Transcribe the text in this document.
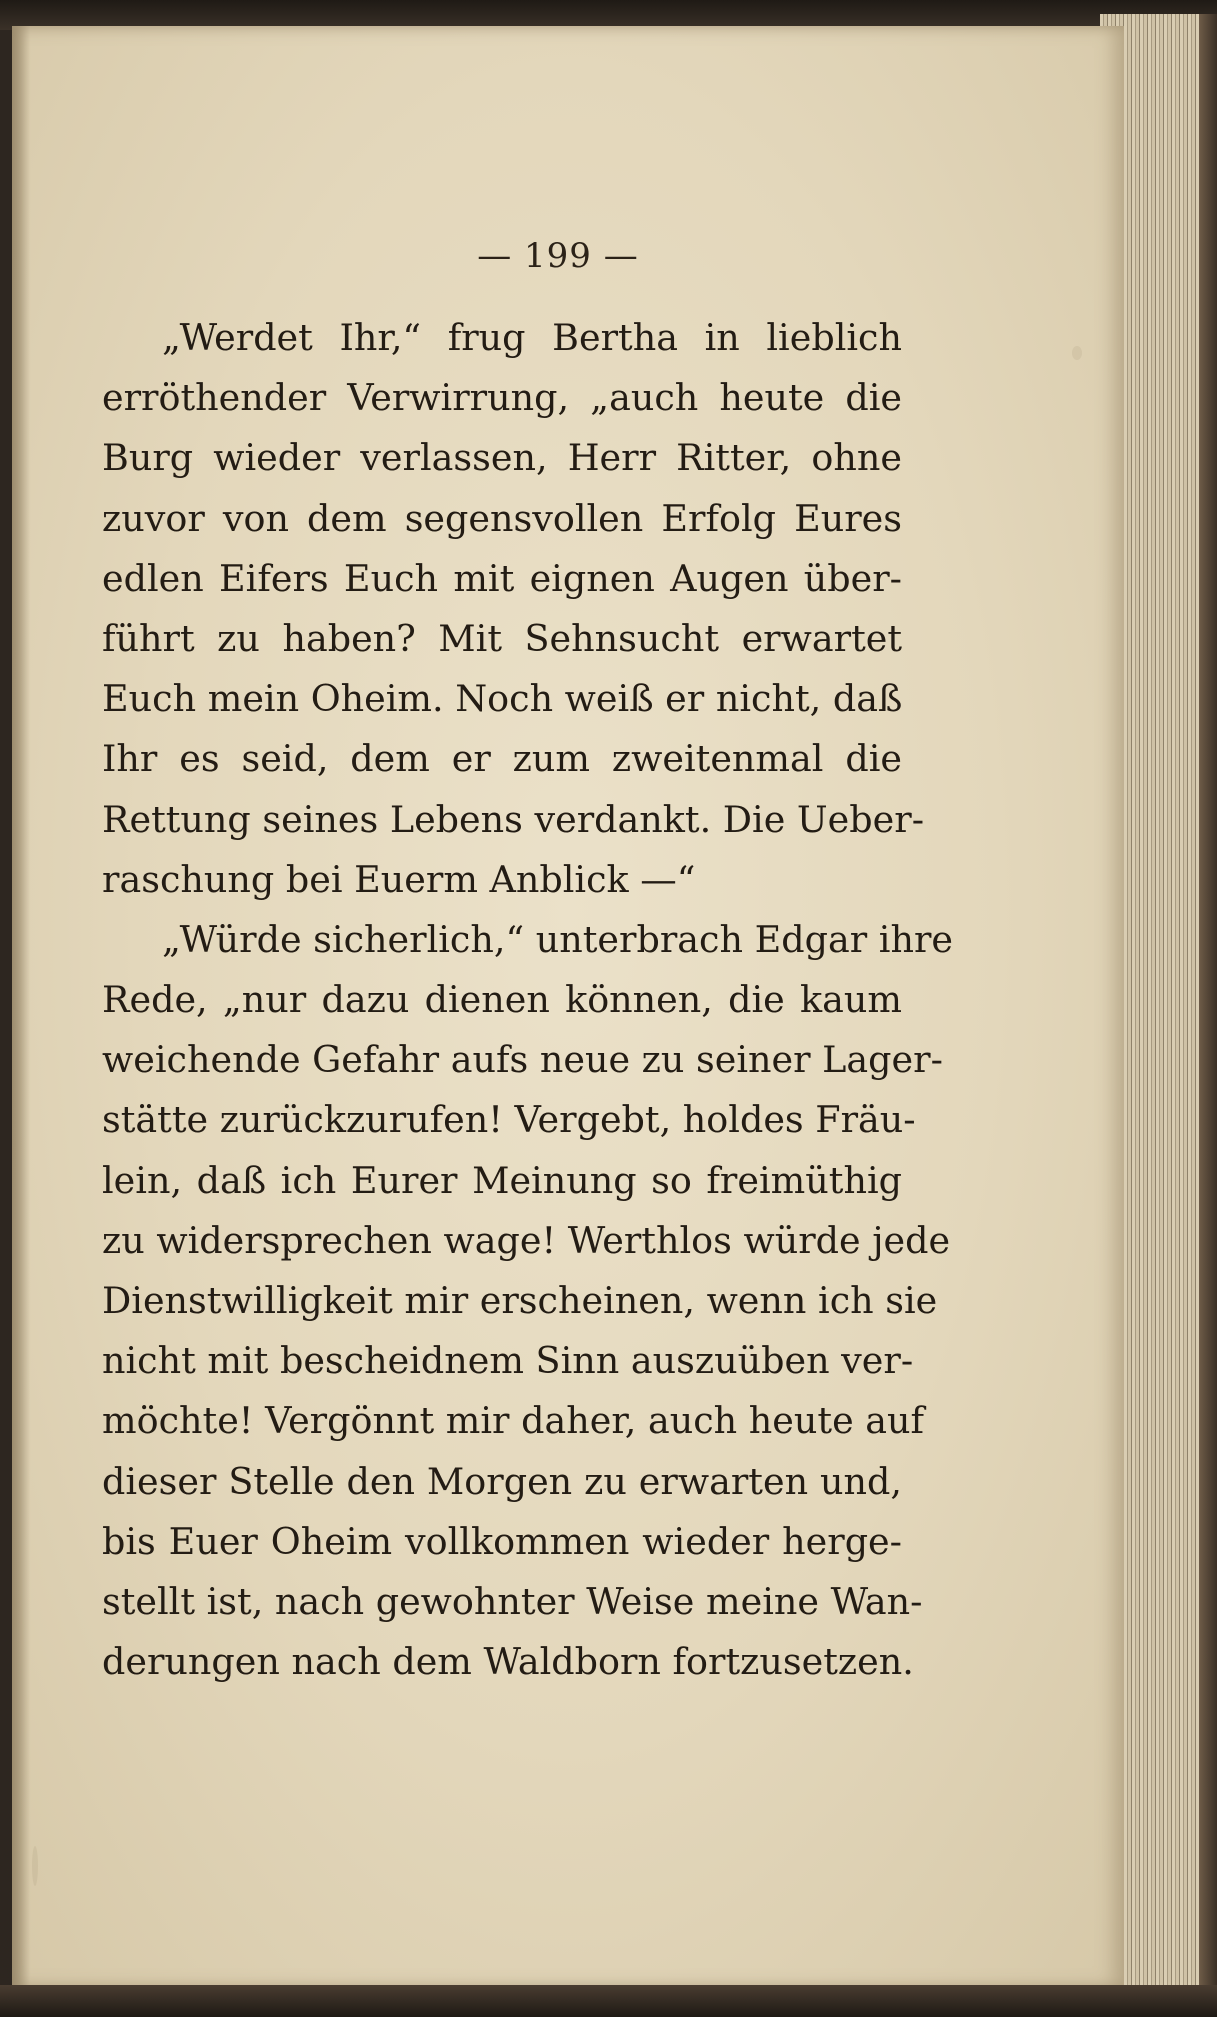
— 199 —
„Werdet Ihr,“ frug Bertha in lieblich
erröthender Verwirrung, „auch heute die
Burg wieder verlassen, Herr Ritter, ohne
zuvor von dem segensvollen Erfolg Eures
edlen Eifers Euch mit eignen Augen über-
führt zu haben? Mit Sehnsucht erwartet
Euch mein Oheim. Noch weiß er nicht, daß
Ihr es seid, dem er zum zweitenmal die
Rettung seines Lebens verdankt. Die Ueber-
raschung bei Euerm Anblick —“
„Würde sicherlich,“ unterbrach Edgar ihre
Rede, „nur dazu dienen können, die kaum
weichende Gefahr aufs neue zu seiner Lager-
stätte zurückzurufen! Vergebt, holdes Fräu-
lein, daß ich Eurer Meinung so freimüthig
zu widersprechen wage! Werthlos würde jede
Dienstwilligkeit mir erscheinen, wenn ich sie
nicht mit bescheidnem Sinn auszuüben ver-
möchte! Vergönnt mir daher, auch heute auf
dieser Stelle den Morgen zu erwarten und,
bis Euer Oheim vollkommen wieder herge-
stellt ist, nach gewohnter Weise meine Wan-
derungen nach dem Waldborn fortzusetzen.
